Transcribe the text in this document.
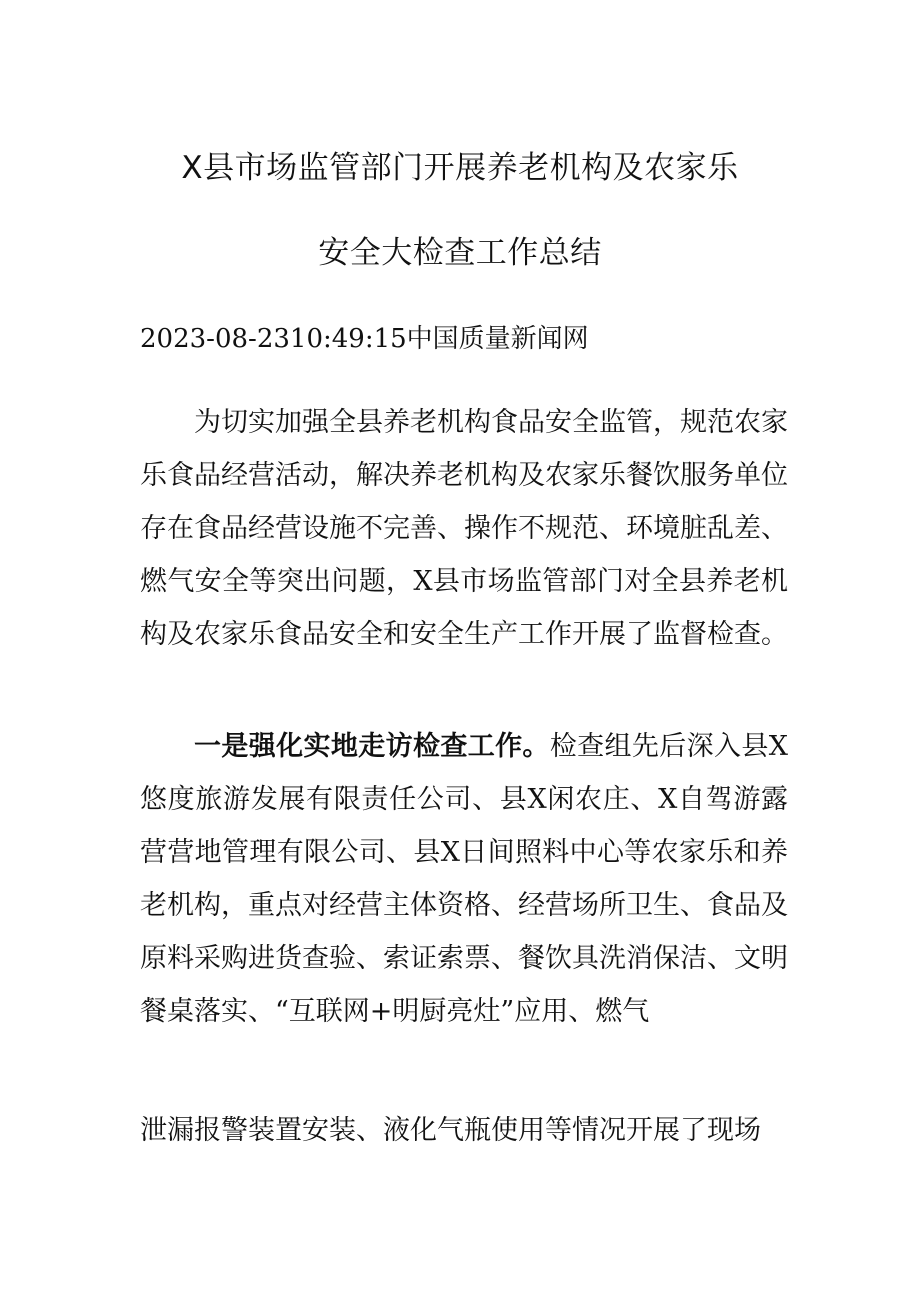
X县市场监管部门开展养老机构及农家乐
安全大检查工作总结
2023-08-2310:49:15中国质量新闻网

为切实加强全县养老机构食品安全监管，规范农家乐食品经营活动，解决养老机构及农家乐餐饮服务单位存在食品经营设施不完善、操作不规范、环境脏乱差、燃气安全等突出问题，X县市场监管部门对全县养老机构及农家乐食品安全和安全生产工作开展了监督检查。

一是强化实地走访检查工作。检查组先后深入县X悠度旅游发展有限责任公司、县X闲农庄、X自驾游露营营地管理有限公司、县X日间照料中心等农家乐和养老机构，重点对经营主体资格、经营场所卫生、食品及原料采购进货查验、索证索票、餐饮具洗消保洁、文明餐桌落实、“互联网+明厨亮灶”应用、燃气

泄漏报警装置安装、液化气瓶使用等情况开展了现场
